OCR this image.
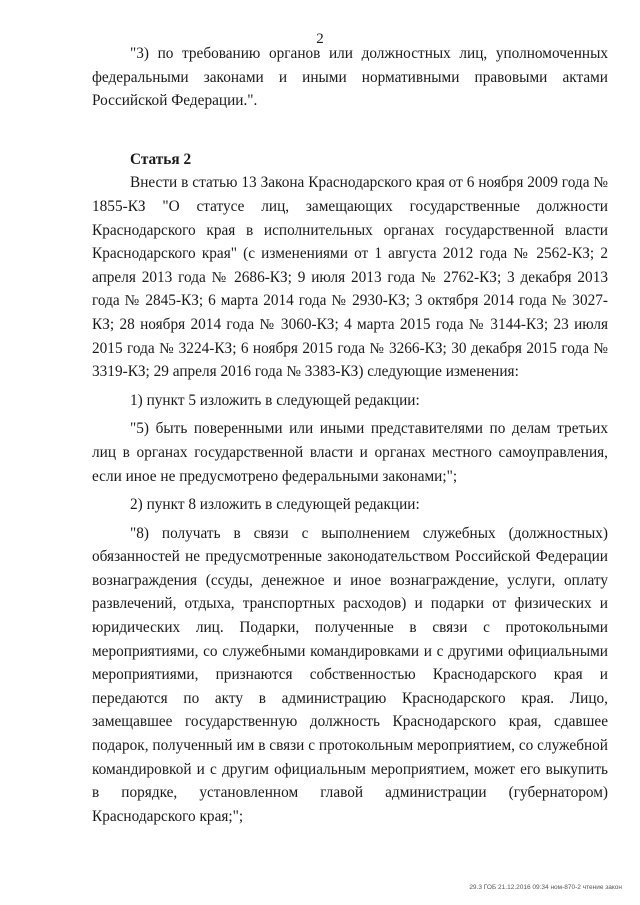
2

"3) по требованию органов или должностных лиц, уполномоченных федеральными законами и иными нормативными правовыми актами Российской Федерации.".

Статья 2

Внести в статью 13 Закона Краснодарского края от 6 ноября 2009 года № 1855-КЗ "О статусе лиц, замещающих государственные должности Краснодарского края в исполнительных органах государственной власти Краснодарского края" (с изменениями от 1 августа 2012 года № 2562-КЗ; 2 апреля 2013 года № 2686-КЗ; 9 июля 2013 года № 2762-КЗ; 3 декабря 2013 года № 2845-КЗ; 6 марта 2014 года № 2930-КЗ; 3 октября 2014 года № 3027-КЗ; 28 ноября 2014 года № 3060-КЗ; 4 марта 2015 года № 3144-КЗ; 23 июля 2015 года № 3224-КЗ; 6 ноября 2015 года № 3266-КЗ; 30 декабря 2015 года № 3319-КЗ; 29 апреля 2016 года № 3383-КЗ) следующие изменения:

1) пункт 5 изложить в следующей редакции:

"5) быть поверенными или иными представителями по делам третьих лиц в органах государственной власти и органах местного самоуправления, если иное не предусмотрено федеральными законами;";

2) пункт 8 изложить в следующей редакции:

"8) получать в связи с выполнением служебных (должностных) обязанностей не предусмотренные законодательством Российской Федерации вознаграждения (ссуды, денежное и иное вознаграждение, услуги, оплату развлечений, отдыха, транспортных расходов) и подарки от физических и юридических лиц. Подарки, полученные в связи с протокольными мероприятиями, со служебными командировками и с другими официальными мероприятиями, признаются собственностью Краснодарского края и передаются по акту в администрацию Краснодарского края. Лицо, замещавшее государственную должность Краснодарского края, сдавшее подарок, полученный им в связи с протокольным мероприятием, со служебной командировкой и с другим официальным мероприятием, может его выкупить в порядке, установленном главой администрации (губернатором) Краснодарского края;";

29.3 ГОБ 21.12.2016 09:34 ном-870-2 чтение закон
